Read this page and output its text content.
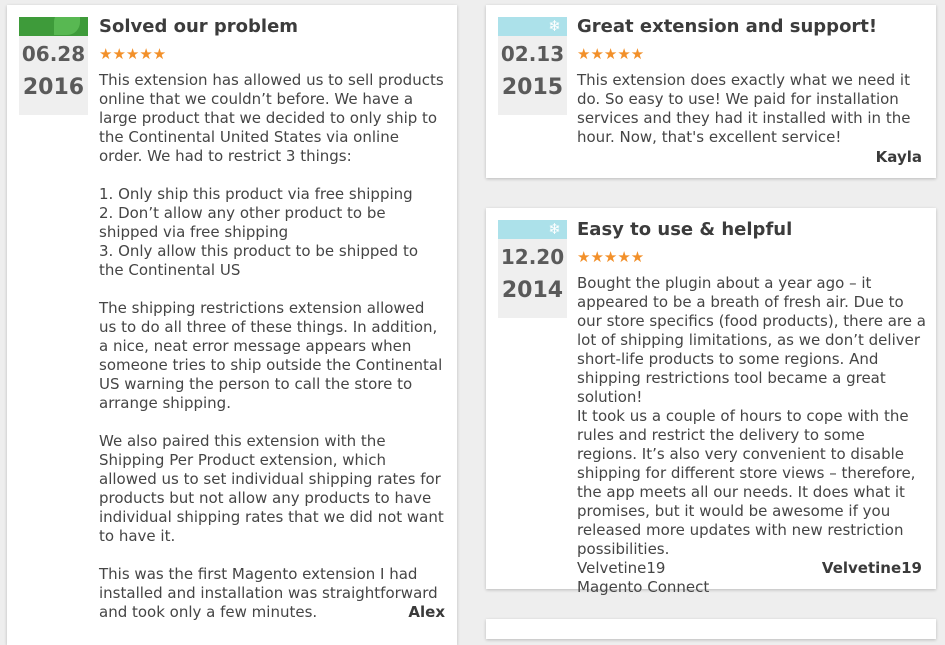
06.28
2016
Solved our problem
★★★★★

This extension has allowed us to sell products online that we couldn’t before. We have a large product that we decided to only ship to the Continental United States via online order. We had to restrict 3 things:

1. Only ship this product via free shipping
2. Don’t allow any other product to be shipped via free shipping
3. Only allow this product to be shipped to the Continental US

The shipping restrictions extension allowed us to do all three of these things. In addition, a nice, neat error message appears when someone tries to ship outside the Continental US warning the person to call the store to arrange shipping.

We also paired this extension with the Shipping Per Product extension, which allowed us to set individual shipping rates for products but not allow any products to have individual shipping rates that we did not want to have it.

This was the first Magento extension I had installed and installation was straightforward and took only a few minutes.	Alex
❄
02.13
2015
Great extension and support!
★★★★★

This extension does exactly what we need it do. So easy to use! We paid for installation services and they had it installed with in the hour. Now, that's excellent service!

Kayla
❄
12.20
2014
Easy to use & helpful
★★★★★

Bought the plugin about a year ago – it appeared to be a breath of fresh air. Due to our store specifics (food products), there are a lot of shipping limitations, as we don’t deliver short-life products to some regions. And shipping restrictions tool became a great solution!
It took us a couple of hours to cope with the rules and restrict the delivery to some regions. It’s also very convenient to disable shipping for different store views – therefore, the app meets all our needs. It does what it promises, but it would be awesome if you released more updates with new restriction possibilities.
Velvetine19
Magento Connect

Velvetine19
